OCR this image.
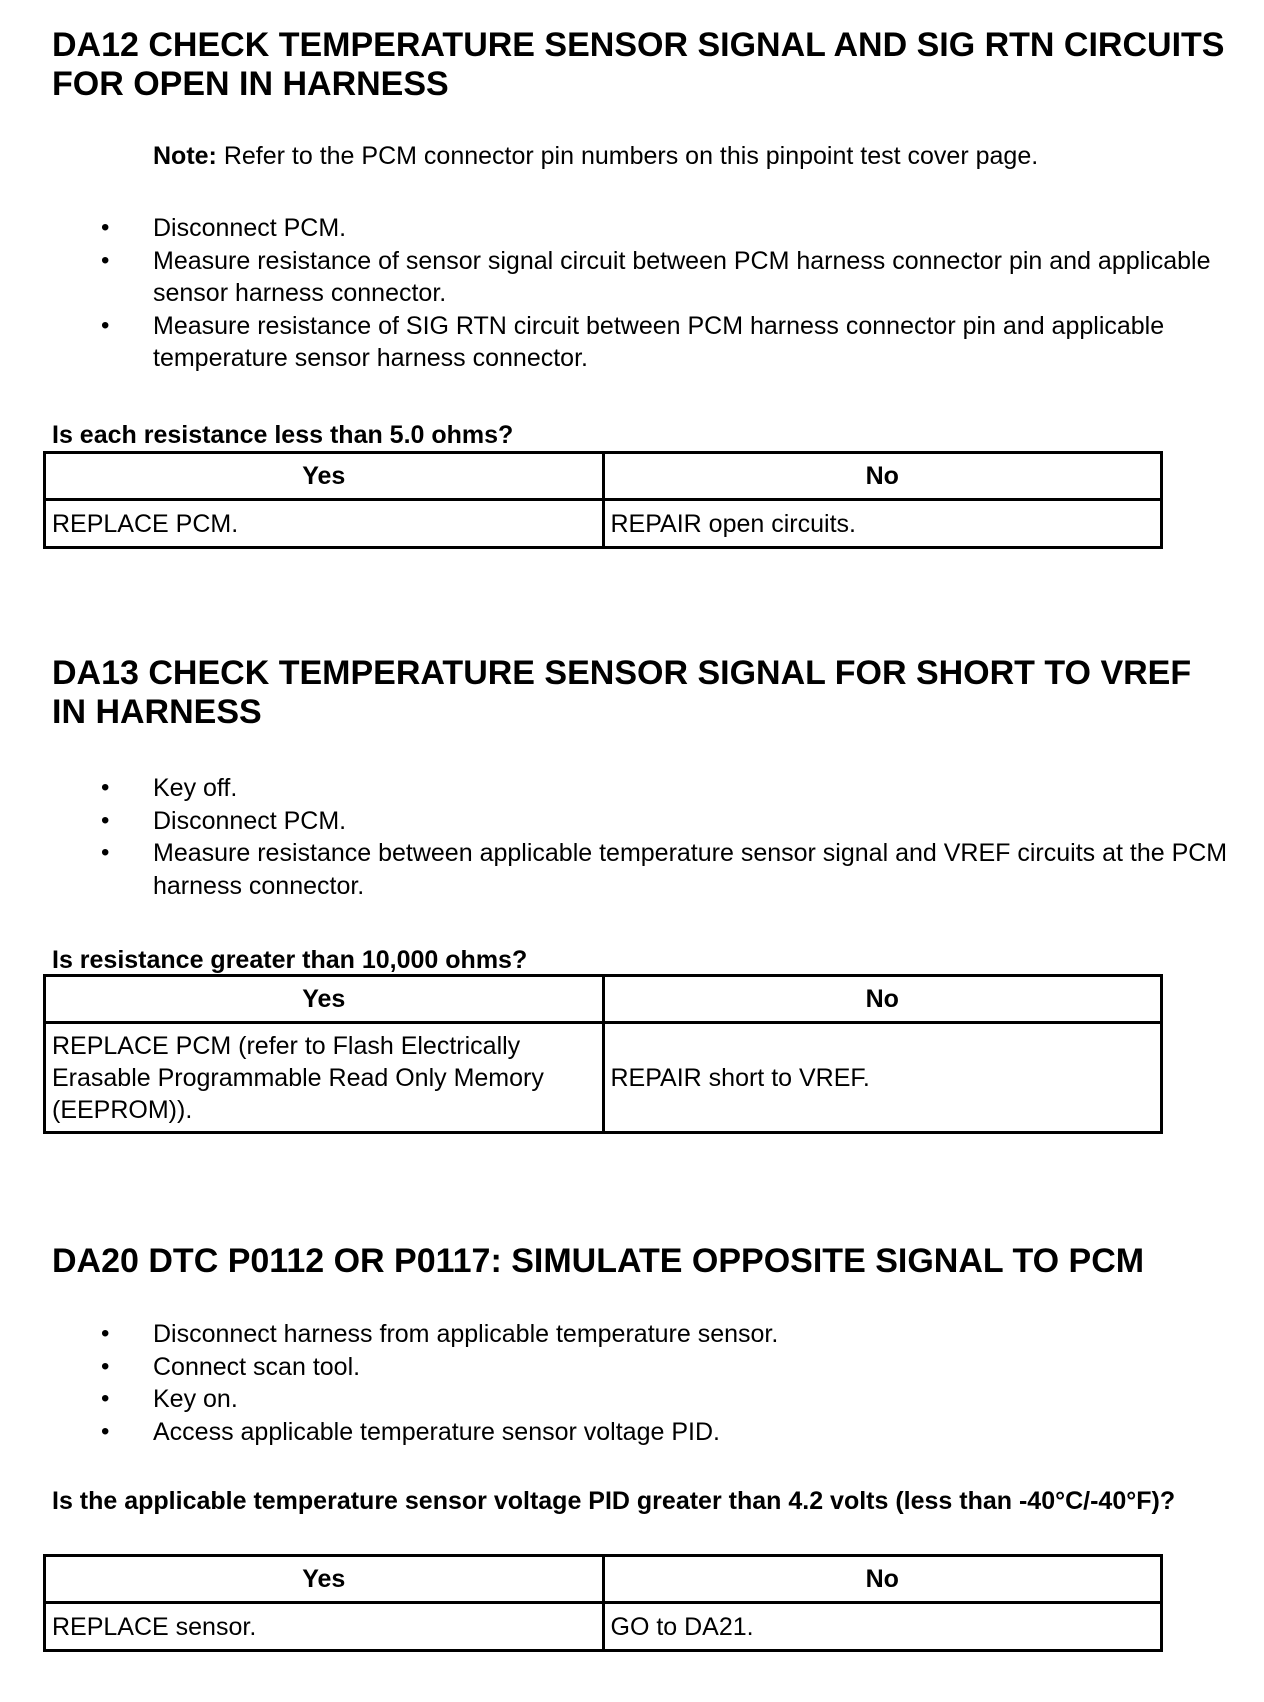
DA12 CHECK TEMPERATURE SENSOR SIGNAL AND SIG RTN CIRCUITS FOR OPEN IN HARNESS

Note: Refer to the PCM connector pin numbers on this pinpoint test cover page.

• Disconnect PCM.
• Measure resistance of sensor signal circuit between PCM harness connector pin and applicable sensor harness connector.
• Measure resistance of SIG RTN circuit between PCM harness connector pin and applicable temperature sensor harness connector.

Is each resistance less than 5.0 ohms?

Yes	No
REPLACE PCM.	REPAIR open circuits.
DA13 CHECK TEMPERATURE SENSOR SIGNAL FOR SHORT TO VREF IN HARNESS
• Key off.
• Disconnect PCM.
• Measure resistance between applicable temperature sensor signal and VREF circuits at the PCM harness connector.

Is resistance greater than 10,000 ohms?

Yes	No
REPLACE PCM (refer to Flash Electrically Erasable Programmable Read Only Memory (EEPROM)).	REPAIR short to VREF.
DA20 DTC P0112 OR P0117: SIMULATE OPPOSITE SIGNAL TO PCM
• Disconnect harness from applicable temperature sensor.
• Connect scan tool.
• Key on.
• Access applicable temperature sensor voltage PID.

Is the applicable temperature sensor voltage PID greater than 4.2 volts (less than -40°C/-40°F)?

Yes	No
REPLACE sensor.	GO to DA21.
